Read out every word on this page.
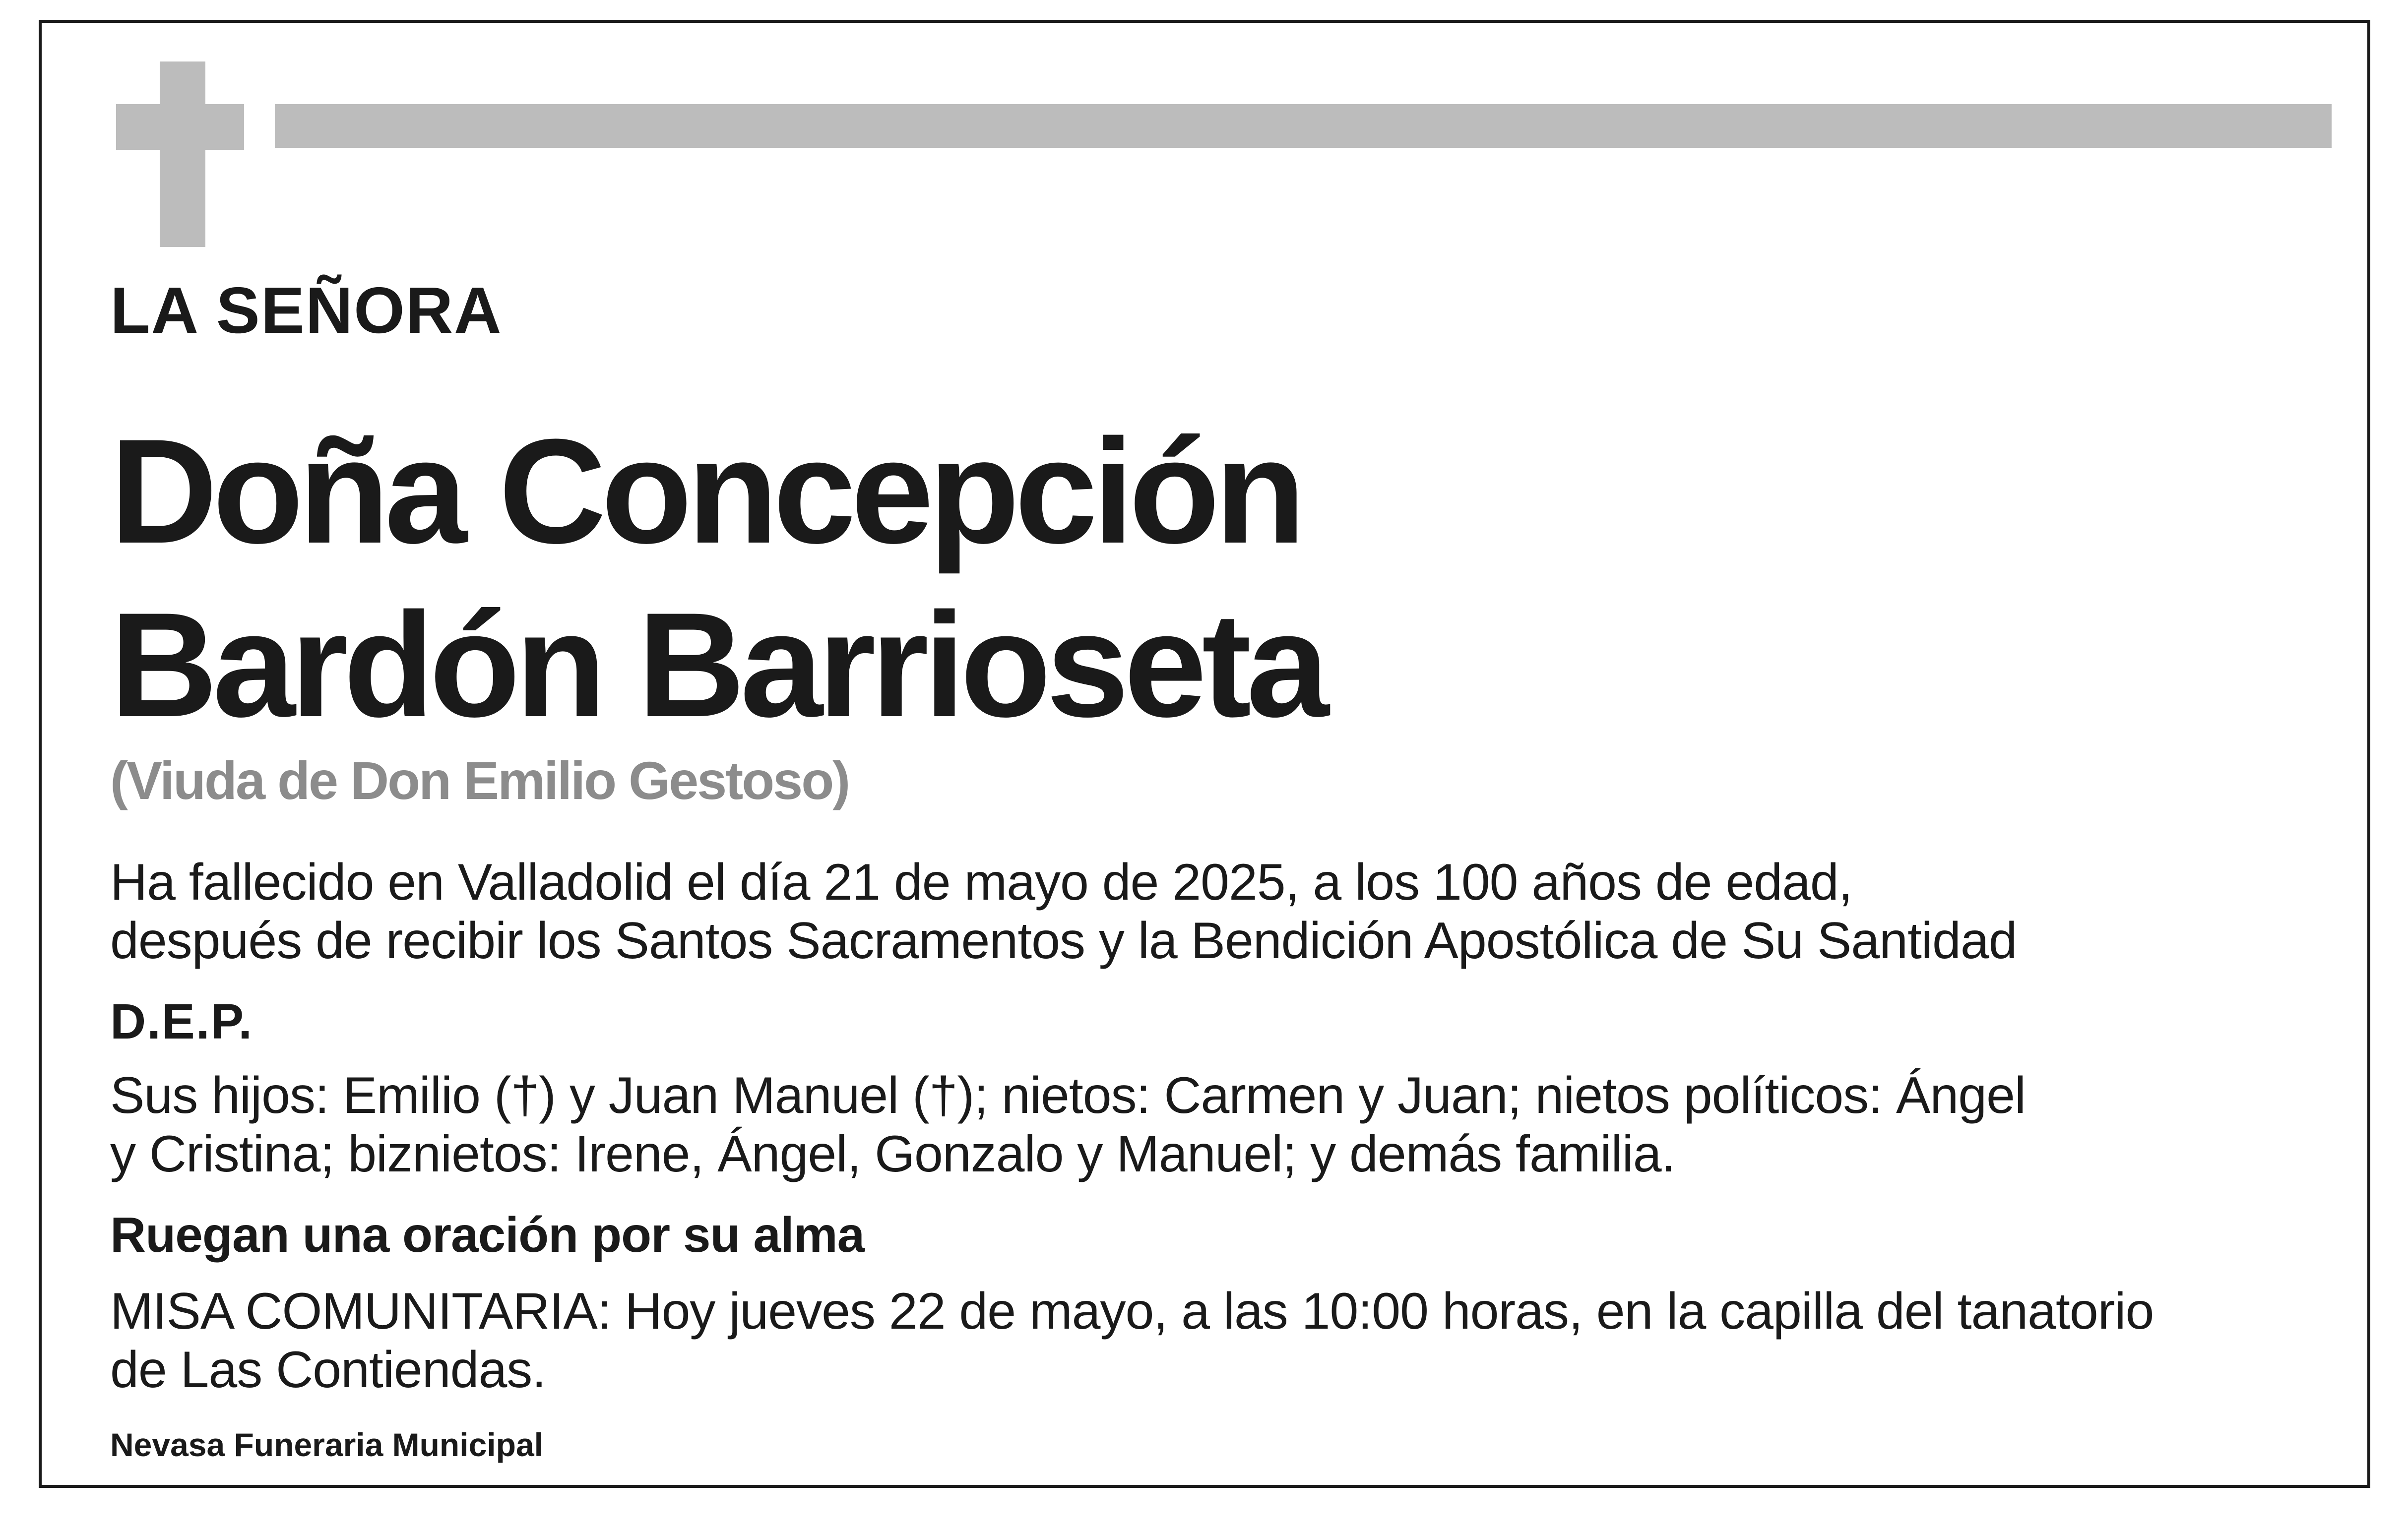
LA SEÑORA

Doña Concepción
Bardón Barrioseta

(Viuda de Don Emilio Gestoso)

Ha fallecido en Valladolid el día 21 de mayo de 2025, a los 100 años de edad,
después de recibir los Santos Sacramentos y la Bendición Apostólica de Su Santidad

D.E.P.

Sus hijos: Emilio (†) y Juan Manuel (†); nietos: Carmen y Juan; nietos políticos: Ángel
y Cristina; biznietos: Irene, Ángel, Gonzalo y Manuel; y demás familia.

Ruegan una oración por su alma

MISA COMUNITARIA: Hoy jueves 22 de mayo, a las 10:00 horas, en la capilla del tanatorio
de Las Contiendas.

Nevasa Funeraria Municipal
